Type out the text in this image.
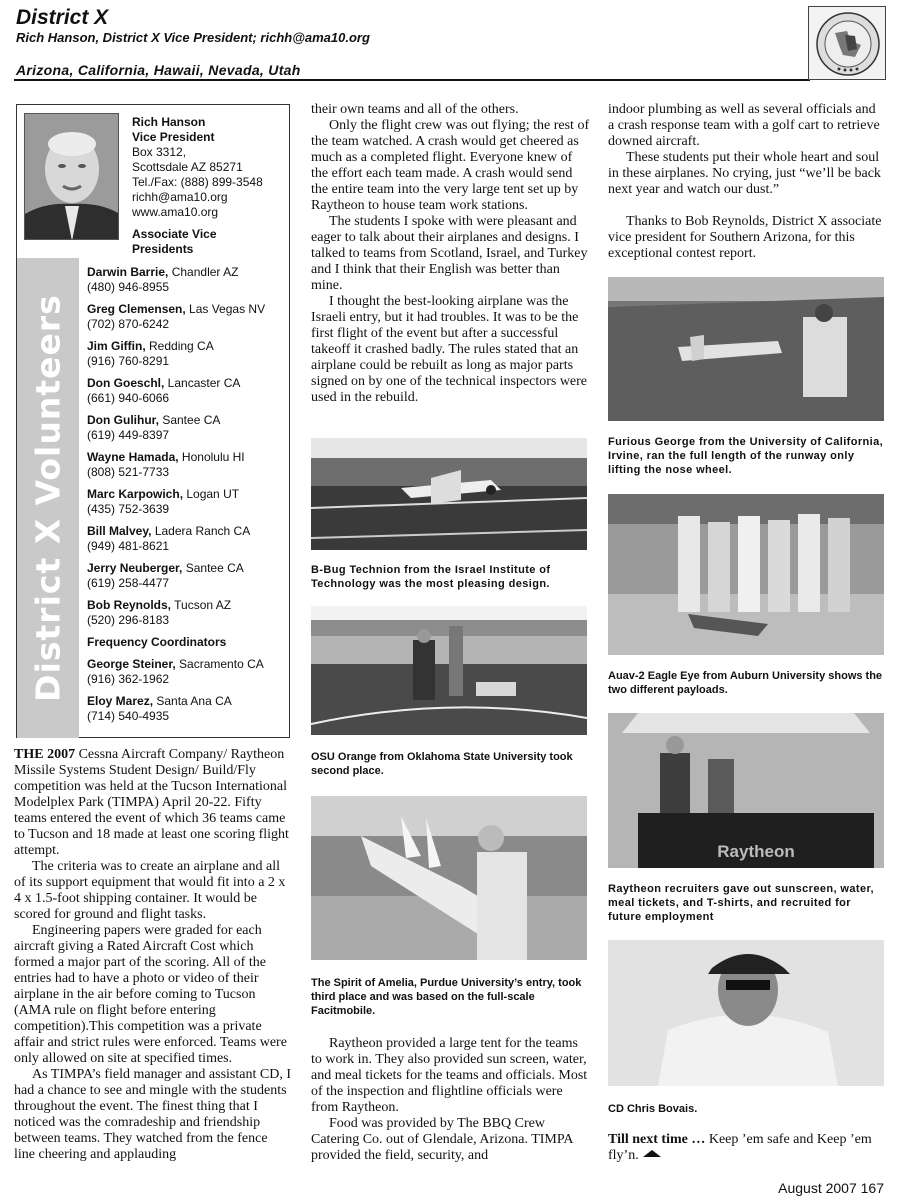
District X
Rich Hanson, District X Vice President; richh@ama10.org
Arizona, California, Hawaii, Nevada, Utah
District X Volunteers
Rich Hanson
Vice President
Box 3312,
Scottsdale AZ 85271
Tel./Fax: (888) 899-3548
richh@ama10.org
www.ama10.org
Associate Vice Presidents
Darwin Barrie, Chandler AZ
(480) 946-8955
Greg Clemensen, Las Vegas NV
(702) 870-6242
Jim Giffin, Redding CA
(916) 760-8291
Don Goeschl, Lancaster CA
(661) 940-6066
Don Gulihur, Santee CA
(619) 449-8397
Wayne Hamada, Honolulu HI
(808) 521-7733
Marc Karpowich, Logan UT
(435) 752-3639
Bill Malvey, Ladera Ranch CA
(949) 481-8621
Jerry Neuberger, Santee CA
(619) 258-4477
Bob Reynolds, Tucson AZ
(520) 296-8183
Frequency Coordinators
George Steiner, Sacramento CA
(916) 362-1962
Eloy Marez, Santa Ana CA
(714) 540-4935

THE 2007 Cessna Aircraft Company/ Raytheon Missile Systems Student Design/ Build/Fly competition was held at the Tucson International Modelplex Park (TIMPA) April 20-22. Fifty teams entered the event of which 36 teams came to Tucson and 18 made at least one scoring flight attempt.

The criteria was to create an airplane and all of its support equipment that would fit into a 2 x 4 x 1.5-foot shipping container. It would be scored for ground and flight tasks.

Engineering papers were graded for each aircraft giving a Rated Aircraft Cost which formed a major part of the scoring. All of the entries had to have a photo or video of their airplane in the air before coming to Tucson (AMA rule on flight before entering competition).This competition was a private affair and strict rules were enforced. Teams were only allowed on site at specified times.

As TIMPA’s field manager and assistant CD, I had a chance to see and mingle with the students throughout the event. The finest thing that I noticed was the comradeship and friendship between teams. They watched from the fence line cheering and applauding

their own teams and all of the others.

Only the flight crew was out flying; the rest of the team watched. A crash would get cheered as much as a completed flight. Everyone knew of the effort each team made. A crash would send the entire team into the very large tent set up by Raytheon to house team work stations.

The students I spoke with were pleasant and eager to talk about their airplanes and designs. I talked to teams from Scotland, Israel, and Turkey and I think that their English was better than mine.

I thought the best-looking airplane was the Israeli entry, but it had troubles. It was to be the first flight of the event but after a successful takeoff it crashed badly. The rules stated that an airplane could be rebuilt as long as major parts signed on by one of the technical inspectors were used in the rebuild.

B-Bug Technion from the Israel Institute of Technology was the most pleasing design.
OSU Orange from Oklahoma State University took second place.
The Spirit of Amelia, Purdue University’s entry, took third place and was based on the full-scale Facitmobile.

Raytheon provided a large tent for the teams to work in. They also provided sun screen, water, and meal tickets for the teams and officials. Most of the inspection and flightline officials were from Raytheon.

Food was provided by The BBQ Crew Catering Co. out of Glendale, Arizona. TIMPA provided the field, security, and

indoor plumbing as well as several officials and a crash response team with a golf cart to retrieve downed aircraft.

These students put their whole heart and soul in these airplanes. No crying, just “we’ll be back next year and watch our dust.”

Thanks to Bob Reynolds, District X associate vice president for Southern Arizona, for this exceptional contest report.

Furious George from the University of California, Irvine, ran the full length of the runway only lifting the nose wheel.
Auav-2 Eagle Eye from Auburn University shows the two different payloads.
Raytheon
Raytheon recruiters gave out sunscreen, water, meal tickets, and T-shirts, and recruited for future employment
CD Chris Bovais.

Till next time … Keep ’em safe and Keep ’em fly’n.

August 2007 167
